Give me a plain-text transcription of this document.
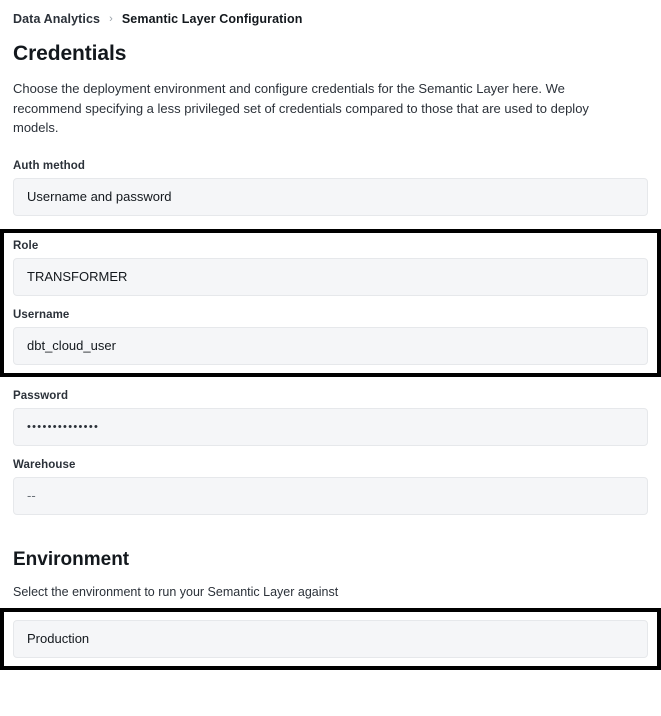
Data Analytics › Semantic Layer Configuration
Credentials

Choose the deployment environment and configure credentials for the Semantic Layer here. We recommend specifying a less privileged set of credentials compared to those that are used to deploy models.

Auth method
Username and password
Role
TRANSFORMER
Username
dbt_cloud_user
Password
••••••••••••••
Warehouse
--
Environment

Select the environment to run your Semantic Layer against

Production
